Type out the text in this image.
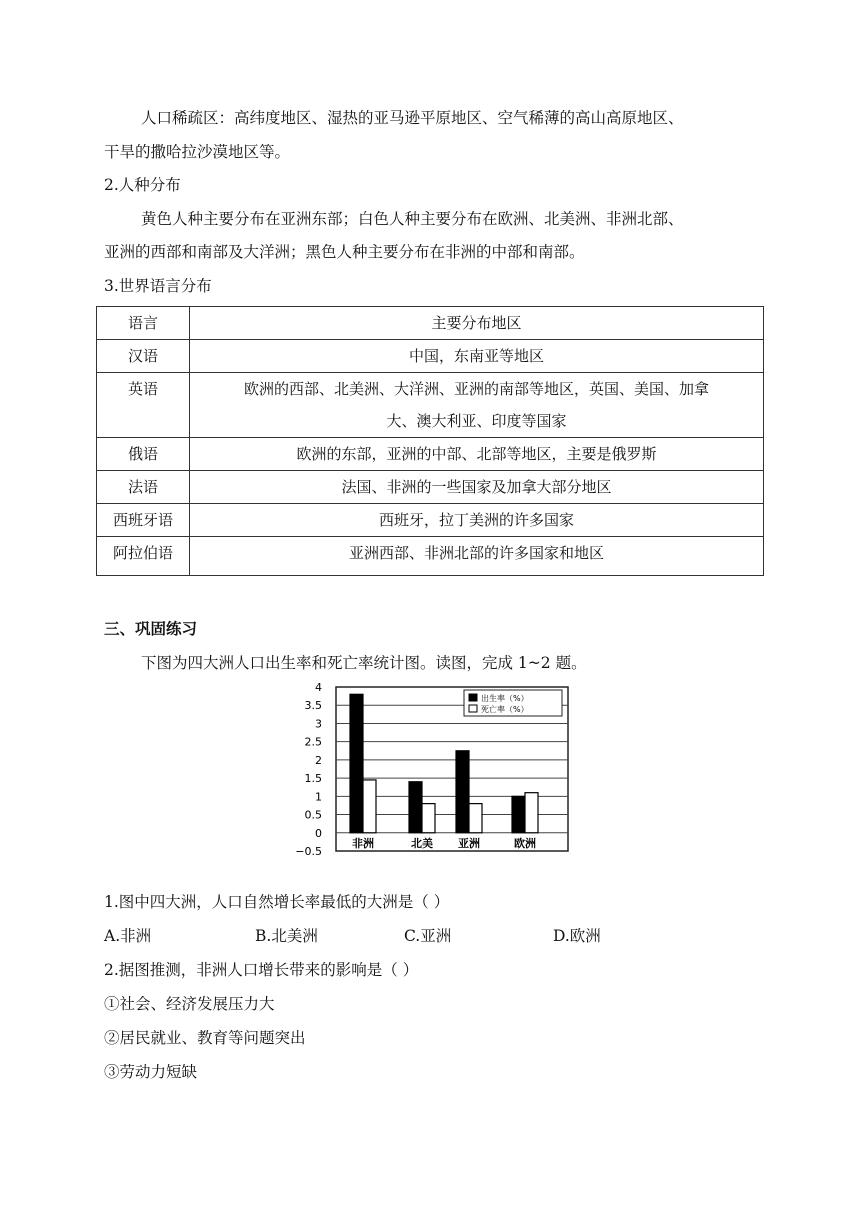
人口稀疏区：高纬度地区、湿热的亚马逊平原地区、空气稀薄的高山高原地区、
干旱的撒哈拉沙漠地区等。
2.人种分布
黄色人种主要分布在亚洲东部；白色人种主要分布在欧洲、北美洲、非洲北部、
亚洲的西部和南部及大洋洲；黑色人种主要分布在非洲的中部和南部。
3.世界语言分布
语言	主要分布地区
汉语	中国，东南亚等地区
英语	欧洲的西部、北美洲、大洋洲、亚洲的南部等地区，英国、美国、加拿
大、澳大利亚、印度等国家

俄语	欧洲的东部，亚洲的中部、北部等地区，主要是俄罗斯
法语	法国、非洲的一些国家及加拿大部分地区
西班牙语	西班牙，拉丁美洲的许多国家
阿拉伯语	亚洲西部、非洲北部的许多国家和地区
三、巩固练习
下图为四大洲人口出生率和死亡率统计图。读图，完成 1~2 题。
4
3.5
3
2.5
2
1.5
1
0.5
0
−0.5
非洲	北美 亚洲	欧洲
出生率（%）
死亡率（%）
1.图中四大洲，人口自然增长率最低的大洲是（ ）
A.非洲	B.北美洲	C.亚洲	D.欧洲
2.据图推测，非洲人口增长带来的影响是（ ）
①社会、经济发展压力大
②居民就业、教育等问题突出
③劳动力短缺
